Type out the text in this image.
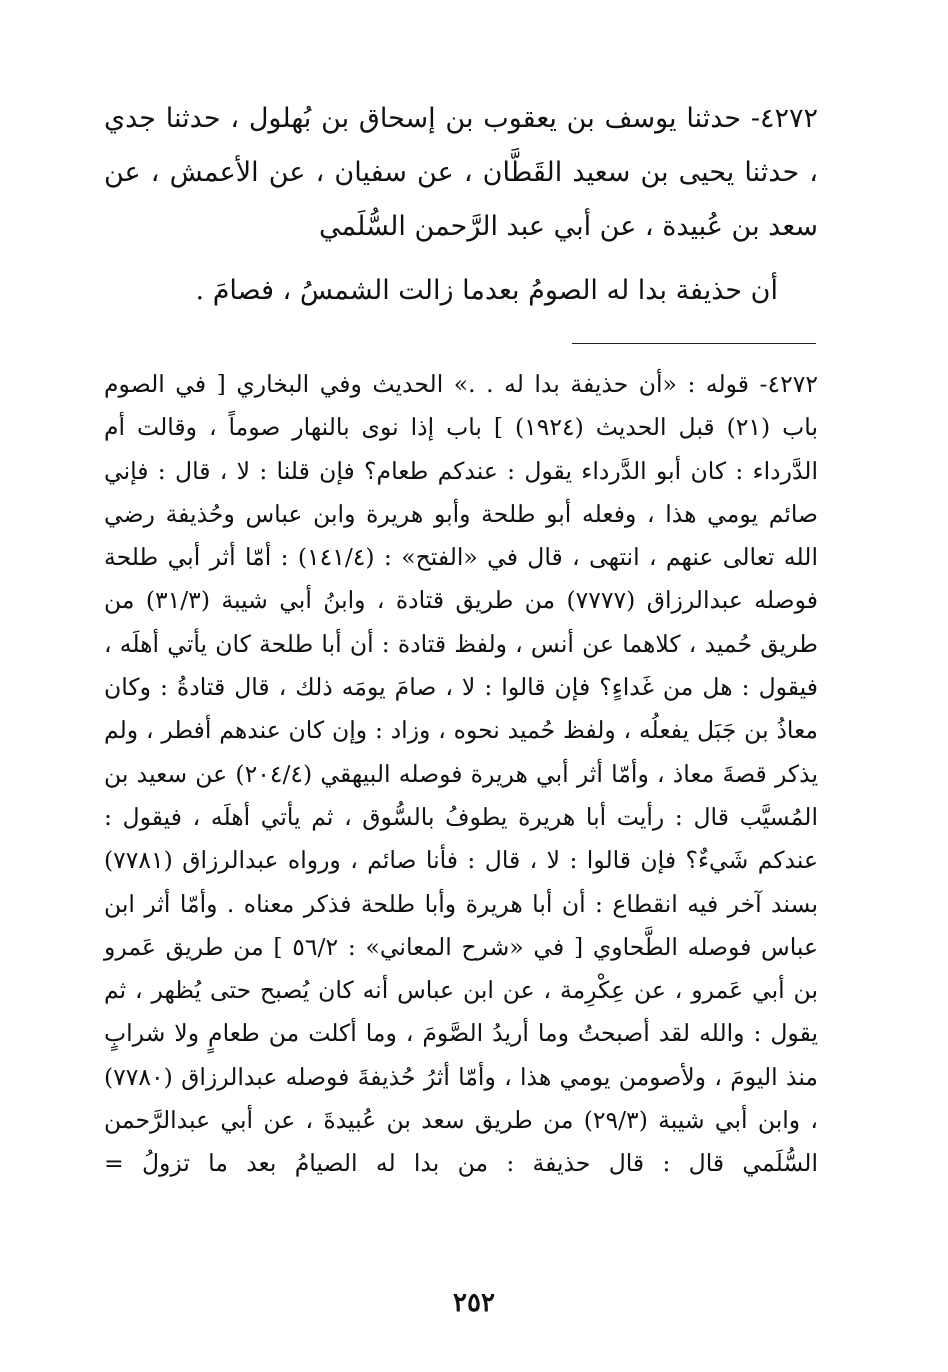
٤٢٧٢- حدثنا يوسف بن يعقوب بن إسحاق بن بُهلول ، حدثنا جدي ، حدثنا يحيى بن سعيد القَطَّان ، عن سفيان ، عن الأعمش ، عن سعد بن عُبيدة ، عن أبي عبد الرَّحمن السُّلَمي

أن حذيفة بدا له الصومُ بعدما زالت الشمسُ ، فصامَ .

٤٢٧٢- قوله : «أن حذيفة بدا له . .» الحديث وفي البخاري [ في الصوم باب (٢١) قبل الحديث (١٩٢٤) ] باب إذا نوى بالنهار صوماً ، وقالت أم الدَّرداء : كان أبو الدَّرداء يقول : عندكم طعام؟ فإن قلنا : لا ، قال : فإني صائم يومي هذا ، وفعله أبو طلحة وأبو هريرة وابن عباس وحُذيفة رضي الله تعالى عنهم ، انتهى ، قال في «الفتح» : (١٤١/٤) : أمّا أثر أبي طلحة فوصله عبدالرزاق (٧٧٧٧) من طريق قتادة ، وابنُ أبي شيبة (٣١/٣) من طريق حُميد ، كلاهما عن أنس ، ولفظ قتادة : أن أبا طلحة كان يأتي أهلَه ، فيقول : هل من غَداءٍ؟ فإن قالوا : لا ، صامَ يومَه ذلك ، قال قتادةُ : وكان معاذُ بن جَبَل يفعلُه ، ولفظ حُميد نحوه ، وزاد : وإن كان عندهم أفطر ، ولم يذكر قصةَ معاذ ، وأمّا أثر أبي هريرة فوصله البيهقي (٢٠٤/٤) عن سعيد بن المُسيَّب قال : رأيت أبا هريرة يطوفُ بالسُّوق ، ثم يأتي أهلَه ، فيقول : عندكم شَيءٌ؟ فإن قالوا : لا ، قال : فأنا صائم ، ورواه عبدالرزاق (٧٧٨١) بسند آخر فيه انقطاع : أن أبا هريرة وأبا طلحة فذكر معناه . وأمّا أثر ابن عباس فوصله الطَّحاوي [ في «شرح المعاني» : ٥٦/٢ ] من طريق عَمرو بن أبي عَمرو ، عن عِكْرِمة ، عن ابن عباس أنه كان يُصبح حتى يُظهر ، ثم يقول : والله لقد أصبحتُ وما أريدُ الصَّومَ ، وما أكلت من طعامٍ ولا شرابٍ منذ اليومَ ، ولأصومن يومي هذا ، وأمّا أثرُ حُذيفةَ فوصله عبدالرزاق (٧٧٨٠) ، وابن أبي شيبة (٢٩/٣) من طريق سعد بن عُبيدةَ ، عن أبي عبدالرَّحمن السُّلَمي قال : قال حذيفة : من بدا له الصيامُ بعد ما تزولُ =

٢٥٢
